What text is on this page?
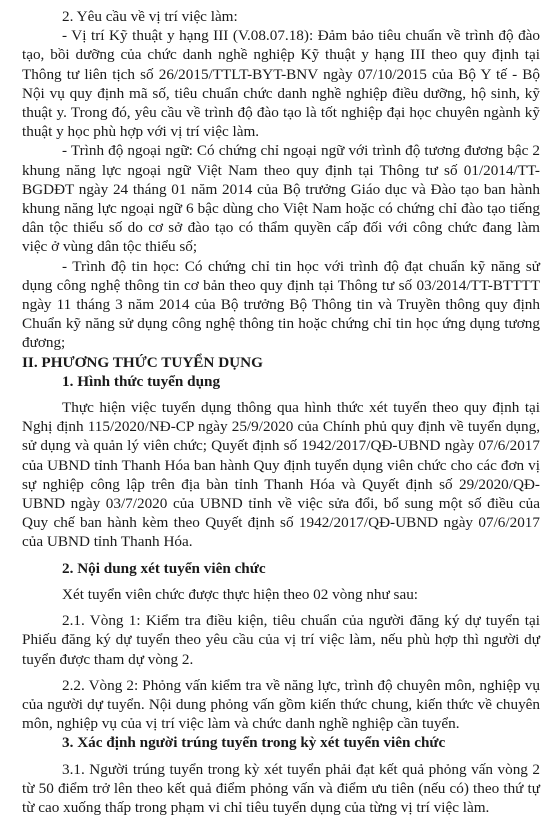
2. Yêu cầu về vị trí việc làm:

- Vị trí Kỹ thuật y hạng III (V.08.07.18): Đảm bảo tiêu chuẩn về trình độ đào tạo, bồi dưỡng của chức danh nghề nghiệp Kỹ thuật y hạng III theo quy định tại Thông tư liên tịch số 26/2015/TTLT-BYT-BNV ngày 07/10/2015 của Bộ Y tế - Bộ Nội vụ quy định mã số, tiêu chuẩn chức danh nghề nghiệp điều dưỡng, hộ sinh, kỹ thuật y. Trong đó, yêu cầu về trình độ đào tạo là tốt nghiệp đại học chuyên ngành kỹ thuật y học phù hợp với vị trí việc làm.

- Trình độ ngoại ngữ: Có chứng chỉ ngoại ngữ với trình độ tương đương bậc 2 khung năng lực ngoại ngữ Việt Nam theo quy định tại Thông tư số 01/2014/TT-BGDĐT ngày 24 tháng 01 năm 2014 của Bộ trưởng Giáo dục và Đào tạo ban hành khung năng lực ngoại ngữ 6 bậc dùng cho Việt Nam hoặc có chứng chỉ đào tạo tiếng dân tộc thiểu số do cơ sở đào tạo có thẩm quyền cấp đối với công chức đang làm việc ở vùng dân tộc thiểu số;

- Trình độ tin học: Có chứng chỉ tin học với trình độ đạt chuẩn kỹ năng sử dụng công nghệ thông tin cơ bản theo quy định tại Thông tư số 03/2014/TT-BTTTT ngày 11 tháng 3 năm 2014 của Bộ trưởng Bộ Thông tin và Truyền thông quy định Chuẩn kỹ năng sử dụng công nghệ thông tin hoặc chứng chỉ tin học ứng dụng tương đương;

II. PHƯƠNG THỨC TUYỂN DỤNG

1. Hình thức tuyển dụng

Thực hiện việc tuyển dụng thông qua hình thức xét tuyển theo quy định tại Nghị định 115/2020/NĐ-CP ngày 25/9/2020 của Chính phủ quy định về tuyển dụng, sử dụng và quản lý viên chức; Quyết định số 1942/2017/QĐ-UBND ngày 07/6/2017 của UBND tỉnh Thanh Hóa ban hành Quy định tuyển dụng viên chức cho các đơn vị sự nghiệp công lập trên địa bàn tỉnh Thanh Hóa và Quyết định số 29/2020/QĐ-UBND ngày 03/7/2020 của UBND tỉnh về việc sửa đổi, bổ sung một số điều của Quy chế ban hành kèm theo Quyết định số 1942/2017/QĐ-UBND ngày 07/6/2017 của UBND tỉnh Thanh Hóa.

2. Nội dung xét tuyển viên chức

Xét tuyển viên chức được thực hiện theo 02 vòng như sau:

2.1. Vòng 1: Kiểm tra điều kiện, tiêu chuẩn của người đăng ký dự tuyển tại Phiếu đăng ký dự tuyển theo yêu cầu của vị trí việc làm, nếu phù hợp thì người dự tuyển được tham dự vòng 2.

2.2. Vòng 2: Phỏng vấn kiểm tra về năng lực, trình độ chuyên môn, nghiệp vụ của người dự tuyển. Nội dung phỏng vấn gồm kiến thức chung, kiến thức về chuyên môn, nghiệp vụ của vị trí việc làm và chức danh nghề nghiệp cần tuyển.

3. Xác định người trúng tuyển trong kỳ xét tuyển viên chức

3.1. Người trúng tuyển trong kỳ xét tuyển phải đạt kết quả phỏng vấn vòng 2 từ 50 điểm trở lên theo kết quả điểm phỏng vấn và điểm ưu tiên (nếu có) theo thứ tự từ cao xuống thấp trong phạm vi chỉ tiêu tuyển dụng của từng vị trí việc làm.
